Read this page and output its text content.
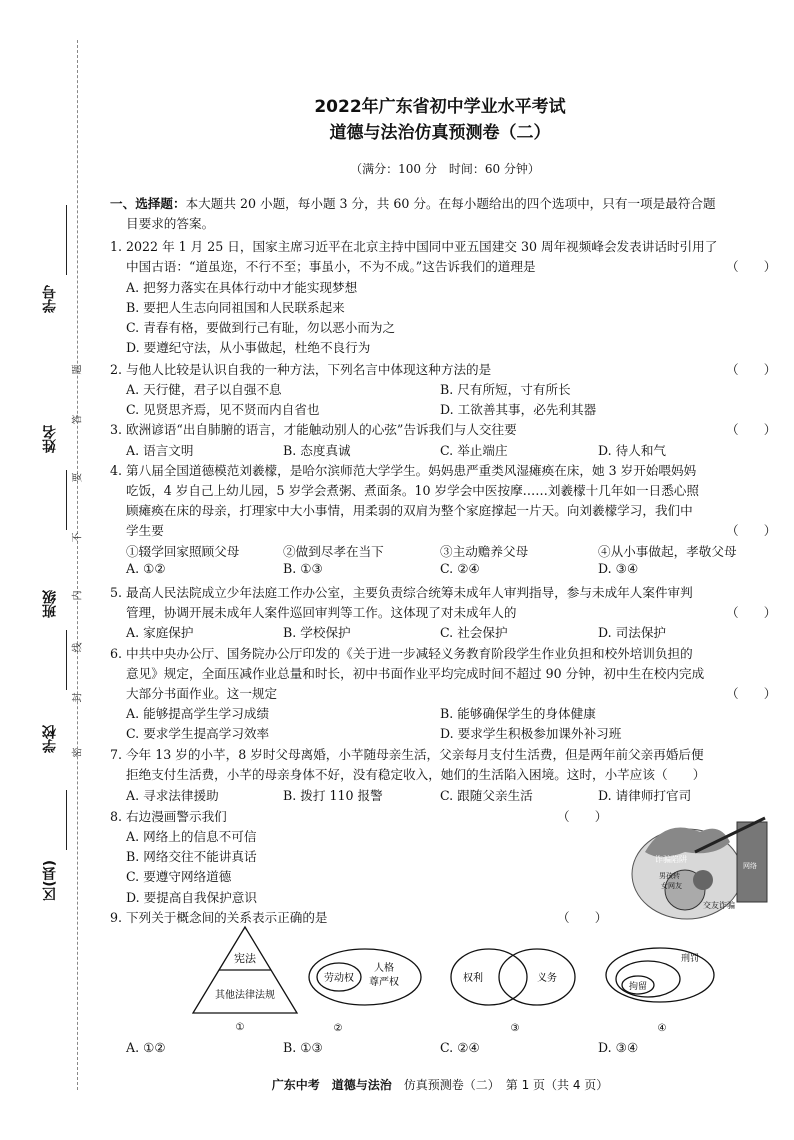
学号
姓名
班级
学校
区(县)
题
答
要
不
内
线
封
密
2022年广东省初中学业水平考试
道德与法治仿真预测卷（二）
（满分：100 分　时间：60 分钟）
一、选择题：本大题共 20 小题，每小题 3 分，共 60 分。在每小题给出的四个选项中，只有一项是最符合题
目要求的答案。
1. 2022 年 1 月 25 日，国家主席习近平在北京主持中国同中亚五国建交 30 周年视频峰会发表讲话时引用了
中国古语：“道虽迩，不行不至；事虽小，不为不成。”这告诉我们的道理是	（　　）
A. 把努力落实在具体行动中才能实现梦想
B. 要把人生志向同祖国和人民联系起来
C. 青春有格，要做到行己有耻，勿以恶小而为之
D. 要遵纪守法，从小事做起，杜绝不良行为
2. 与他人比较是认识自我的一种方法，下列名言中体现这种方法的是	（　　）
A. 天行健，君子以自强不息	B. 尺有所短，寸有所长
C. 见贤思齐焉，见不贤而内自省也	D. 工欲善其事，必先利其器
3. 欧洲谚语“出自肺腑的语言，才能触动别人的心弦”告诉我们与人交往要	（　　）
A. 语言文明	B. 态度真诚	C. 举止端庄	D. 待人和气
4. 第八届全国道德模范刘羲檬，是哈尔滨师范大学学生。妈妈患严重类风湿瘫痪在床，她 3 岁开始喂妈妈
吃饭，4 岁自己上幼儿园，5 岁学会煮粥、煮面条。10 岁学会中医按摩……刘羲檬十几年如一日悉心照
顾瘫痪在床的母亲，打理家中大小事情，用柔弱的双肩为整个家庭撑起一片天。向刘羲檬学习，我们中
学生要	（　　）
①辍学回家照顾父母	②做到尽孝在当下	③主动赡养父母	④从小事做起，孝敬父母
A. ①②	B. ①③	C. ②④	D. ③④
5. 最高人民法院成立少年法庭工作办公室，主要负责综合统筹未成年人审判指导，参与未成年人案件审判
管理，协调开展未成年人案件巡回审判等工作。这体现了对未成年人的	（　　）
A. 家庭保护	B. 学校保护	C. 社会保护	D. 司法保护
6. 中共中央办公厅、国务院办公厅印发的《关于进一步减轻义务教育阶段学生作业负担和校外培训负担的
意见》规定，全面压减作业总量和时长，初中书面作业平均完成时间不超过 90 分钟，初中生在校内完成
大部分书面作业。这一规定	（　　）
A. 能够提高学生学习成绩	B. 能够确保学生的身体健康
C. 要求学生提高学习效率	D. 要求学生积极参加课外补习班
7. 今年 13 岁的小芊，8 岁时父母离婚，小芊随母亲生活，父亲每月支付生活费，但是两年前父亲再婚后便
拒绝支付生活费，小芊的母亲身体不好，没有稳定收入，她们的生活陷入困境。这时，小芊应该（　　）
A. 寻求法律援助	B. 拨打 110 报警	C. 跟随父亲生活	D. 请律师打官司
8. 右边漫画警示我们	（　　）
A. 网络上的信息不可信
B. 网络交往不能讲真话
C. 要遵守网络道德
D. 要提高自我保护意识
诈骗陷阱
男孩转
女网友
交友诈骗
网络
9. 下列关于概念间的关系表示正确的是	（　　）
宪法
其他法律法规
①
劳动权
人格
尊严权
②
权利	义务
③
拘留
刑罚
④
A. ①②	B. ①③	C. ②④	D. ③④
广东中考　道德与法治　 仿真预测卷（二）　第 1 页（共 4 页）
